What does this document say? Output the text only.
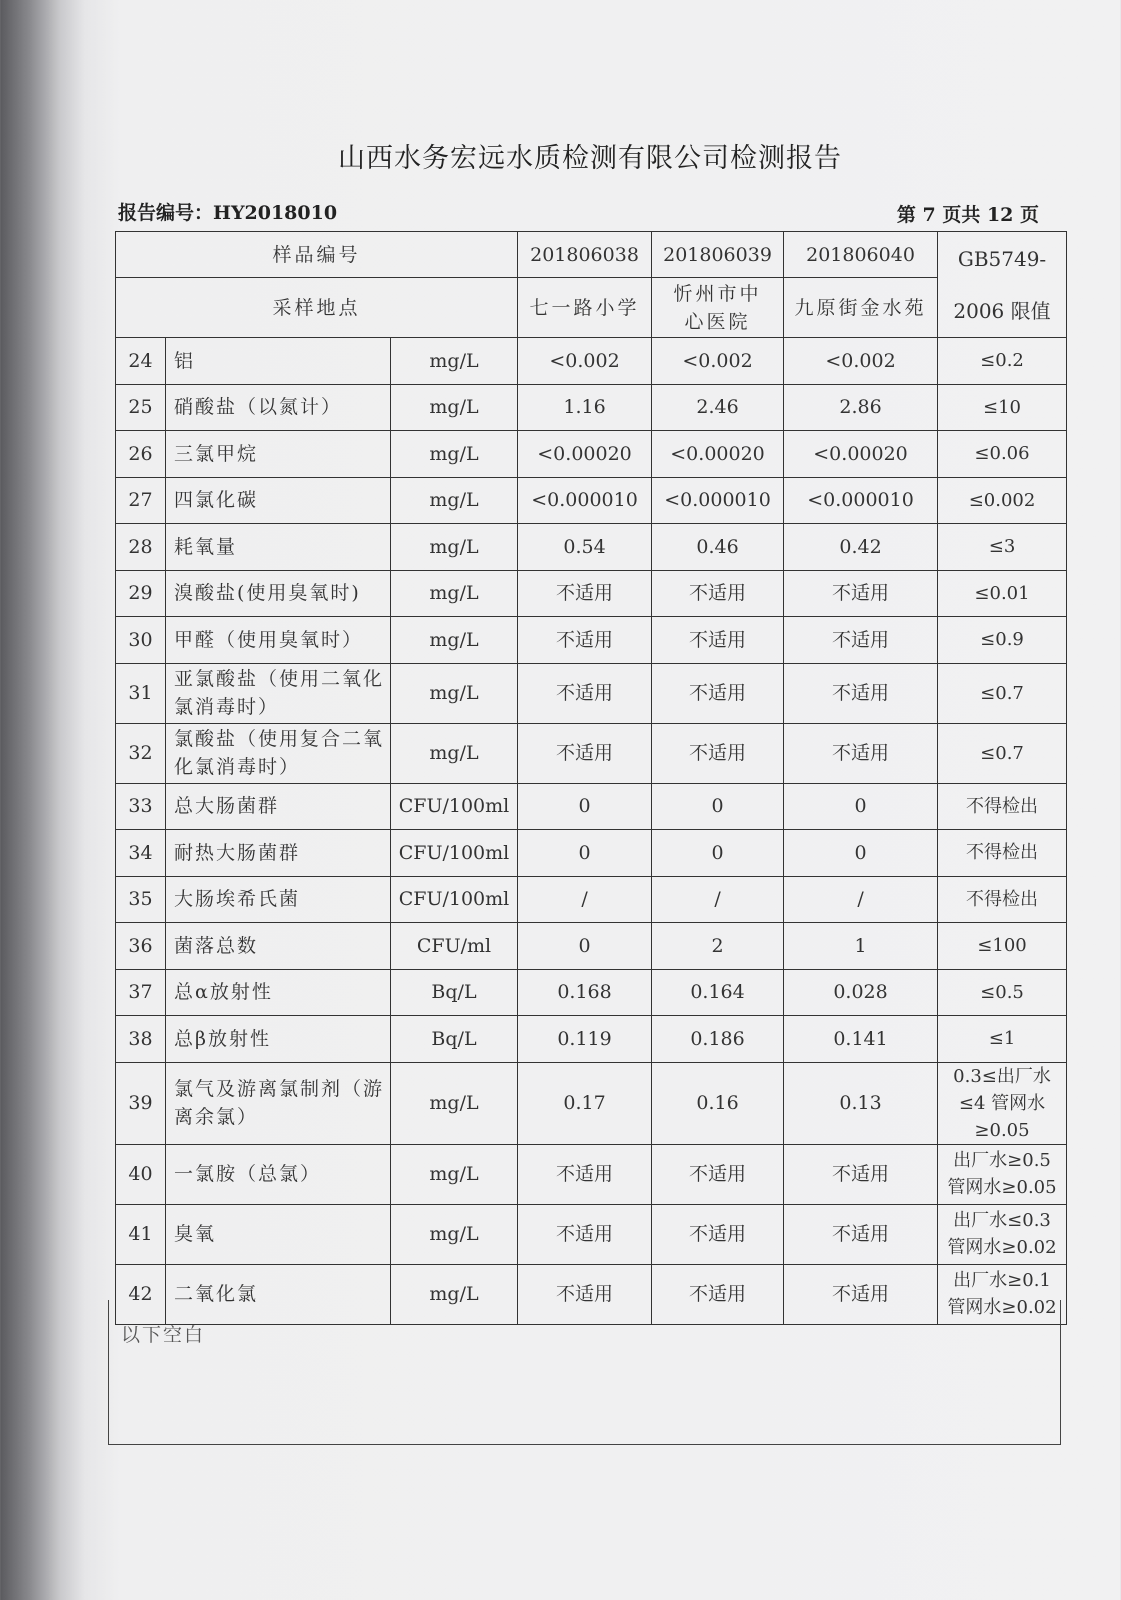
山西水务宏远水质检测有限公司检测报告
报告编号：HY2018010	第 7 页共 12 页
样品编号			201806038	201806039	201806040	GB5749-
2006 限值

采样地点			七一路小学	忻州市中心医院	九原街金水苑	
24	铝	mg/L	<0.002	<0.002	<0.002	≤0.2
25	硝酸盐（以氮计）	mg/L	1.16	2.46	2.86	≤10
26	三氯甲烷	mg/L	<0.00020	<0.00020	<0.00020	≤0.06
27	四氯化碳	mg/L	<0.000010	<0.000010	<0.000010	≤0.002
28	耗氧量	mg/L	0.54	0.46	0.42	≤3
29	溴酸盐(使用臭氧时)	mg/L	不适用	不适用	不适用	≤0.01
30	甲醛（使用臭氧时）	mg/L	不适用	不适用	不适用	≤0.9
31	亚氯酸盐（使用二氧化氯消毒时）	mg/L	不适用	不适用	不适用	≤0.7
32	氯酸盐（使用复合二氧化氯消毒时）	mg/L	不适用	不适用	不适用	≤0.7
33	总大肠菌群	CFU/100ml	0	0	0	不得检出
34	耐热大肠菌群	CFU/100ml	0	0	0	不得检出
35	大肠埃希氏菌	CFU/100ml	/	/	/	不得检出
36	菌落总数	CFU/ml	0	2	1	≤100
37	总α放射性	Bq/L	0.168	0.164	0.028	≤0.5
38	总β放射性	Bq/L	0.119	0.186	0.141	≤1
39	氯气及游离氯制剂（游离余氯）	mg/L	0.17	0.16	0.13	0.3≤出厂水≤4 管网水≥0.05
40	一氯胺（总氯）	mg/L	不适用	不适用	不适用	出厂水≥0.5 管网水≥0.05
41	臭氧	mg/L	不适用	不适用	不适用	出厂水≤0.3 管网水≥0.02
42	二氧化氯	mg/L	不适用	不适用	不适用	出厂水≥0.1 管网水≥0.02
以下空白
